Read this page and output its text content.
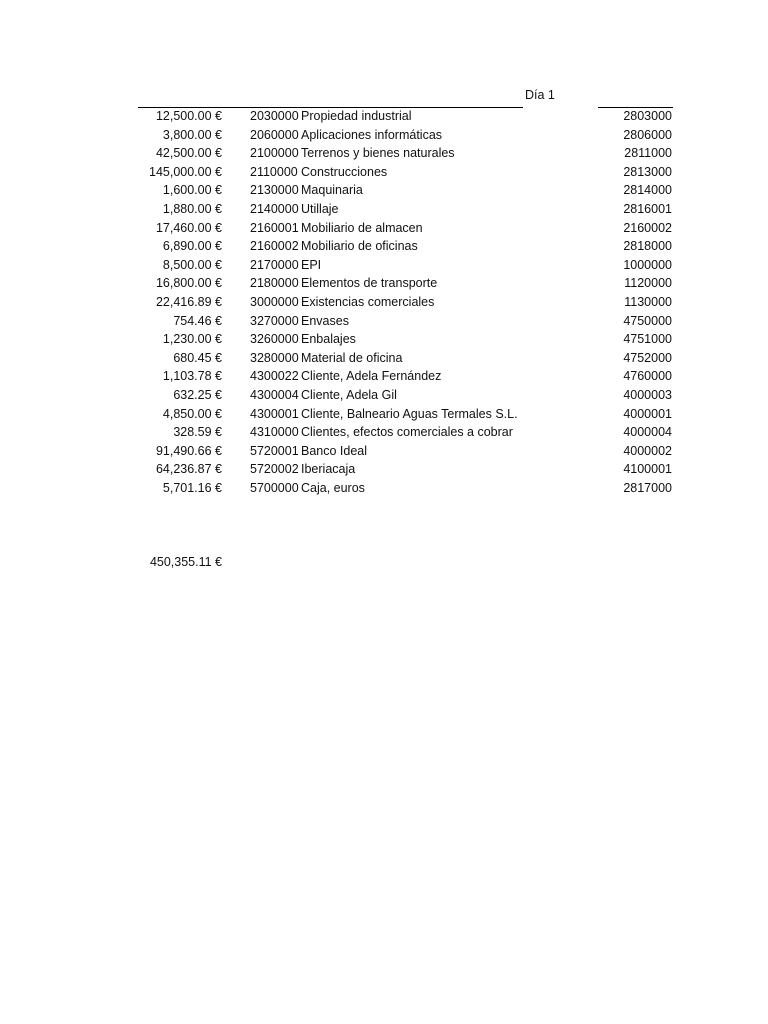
Día 1
12,500.00 € 2030000 Propiedad industrial	2803000
3,800.00 € 2060000 Aplicaciones informáticas	2806000
42,500.00 € 2100000 Terrenos y bienes naturales	2811000
145,000.00 € 2110000 Construcciones	2813000
1,600.00 € 2130000 Maquinaria	2814000
1,880.00 € 2140000 Utillaje	2816001
17,460.00 € 2160001 Mobiliario de almacen	2160002
6,890.00 € 2160002 Mobiliario de oficinas	2818000
8,500.00 € 2170000 EPI	1000000
16,800.00 € 2180000 Elementos de transporte	1120000
22,416.89 € 3000000 Existencias comerciales	1130000
754.46 € 3270000 Envases	4750000
1,230.00 € 3260000 Enbalajes	4751000
680.45 € 3280000 Material de oficina	4752000
1,103.78 € 4300022 Cliente, Adela Fernández	4760000
632.25 € 4300004 Cliente, Adela Gil	4000003
4,850.00 € 4300001 Cliente, Balneario Aguas Termales S.L.	4000001
328.59 € 4310000 Clientes, efectos comerciales a cobrar	4000004
91,490.66 € 5720001 Banco Ideal	4000002
64,236.87 € 5720002 Iberiacaja	4100001
5,701.16 € 5700000 Caja, euros	2817000
450,355.11 €
